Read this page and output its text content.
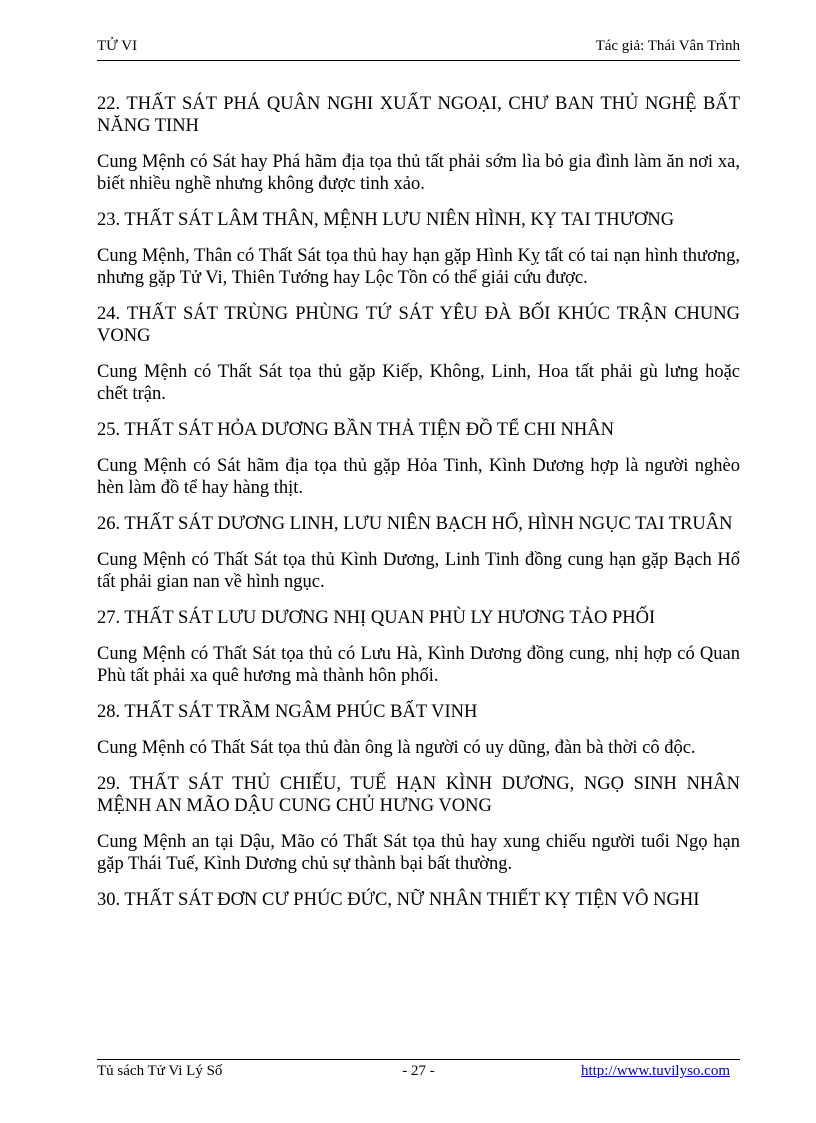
TỬ VI	Tác giả: Thái Vân Trình

22. THẤT SÁT PHÁ QUÂN NGHI XUẤT NGOẠI, CHƯ BAN THỦ NGHỆ BẤT NĂNG TINH

Cung Mệnh có Sát hay Phá hãm địa tọa thủ tất phải sớm lìa bỏ gia đình làm ăn nơi xa, biết nhiều nghề nhưng không được tinh xảo.

23. THẤT SÁT LÂM THÂN, MỆNH LƯU NIÊN HÌNH, KỴ TAI THƯƠNG

Cung Mệnh, Thân có Thất Sát tọa thủ hay hạn gặp Hình Kỵ tất có tai nạn hình thương, nhưng gặp Tử Vi, Thiên Tướng hay Lộc Tồn có thể giải cứu được.

24. THẤT SÁT TRÙNG PHÙNG TỨ SÁT YÊU ĐÀ BỐI KHÚC TRẬN CHUNG VONG

Cung Mệnh có Thất Sát tọa thủ gặp Kiếp, Không, Linh, Hoa tất phải gù lưng hoặc chết trận.

25. THẤT SÁT HỎA DƯƠNG BẦN THẢ TIỆN ĐỒ TỂ CHI NHÂN

Cung Mệnh có Sát hãm địa tọa thủ gặp Hỏa Tinh, Kình Dương hợp là người nghèo hèn làm đồ tể hay hàng thịt.

26. THẤT SÁT DƯƠNG LINH, LƯU NIÊN BẠCH HỔ, HÌNH NGỤC TAI TRUÂN

Cung Mệnh có Thất Sát tọa thủ Kình Dương, Linh Tinh đồng cung hạn gặp Bạch Hổ tất phải gian nan về hình ngục.

27. THẤT SÁT LƯU DƯƠNG NHỊ QUAN PHÙ LY HƯƠNG TẢO PHỐI

Cung Mệnh có Thất Sát tọa thủ có Lưu Hà, Kình Dương đồng cung, nhị hợp có Quan Phù tất phải xa quê hương mà thành hôn phối.

28. THẤT SÁT TRẦM NGÂM PHÚC BẤT VINH

Cung Mệnh có Thất Sát tọa thủ đàn ông là người có uy dũng, đàn bà thời cô độc.

29. THẤT SÁT THỦ CHIẾU, TUẾ HẠN KÌNH DƯƠNG, NGỌ SINH NHÂN MỆNH AN MÃO DẬU CUNG CHỦ HƯNG VONG

Cung Mệnh an tại Dậu, Mão có Thất Sát tọa thủ hay xung chiếu người tuổi Ngọ hạn gặp Thái Tuế, Kình Dương chủ sự thành bại bất thường.

30. THẤT SÁT ĐƠN CƯ PHÚC ĐỨC, NỮ NHÂN THIẾT KỴ TIỆN VÔ NGHI

Tủ sách Tử Vi Lý Số	- 27 -	http://www.tuvilyso.com
